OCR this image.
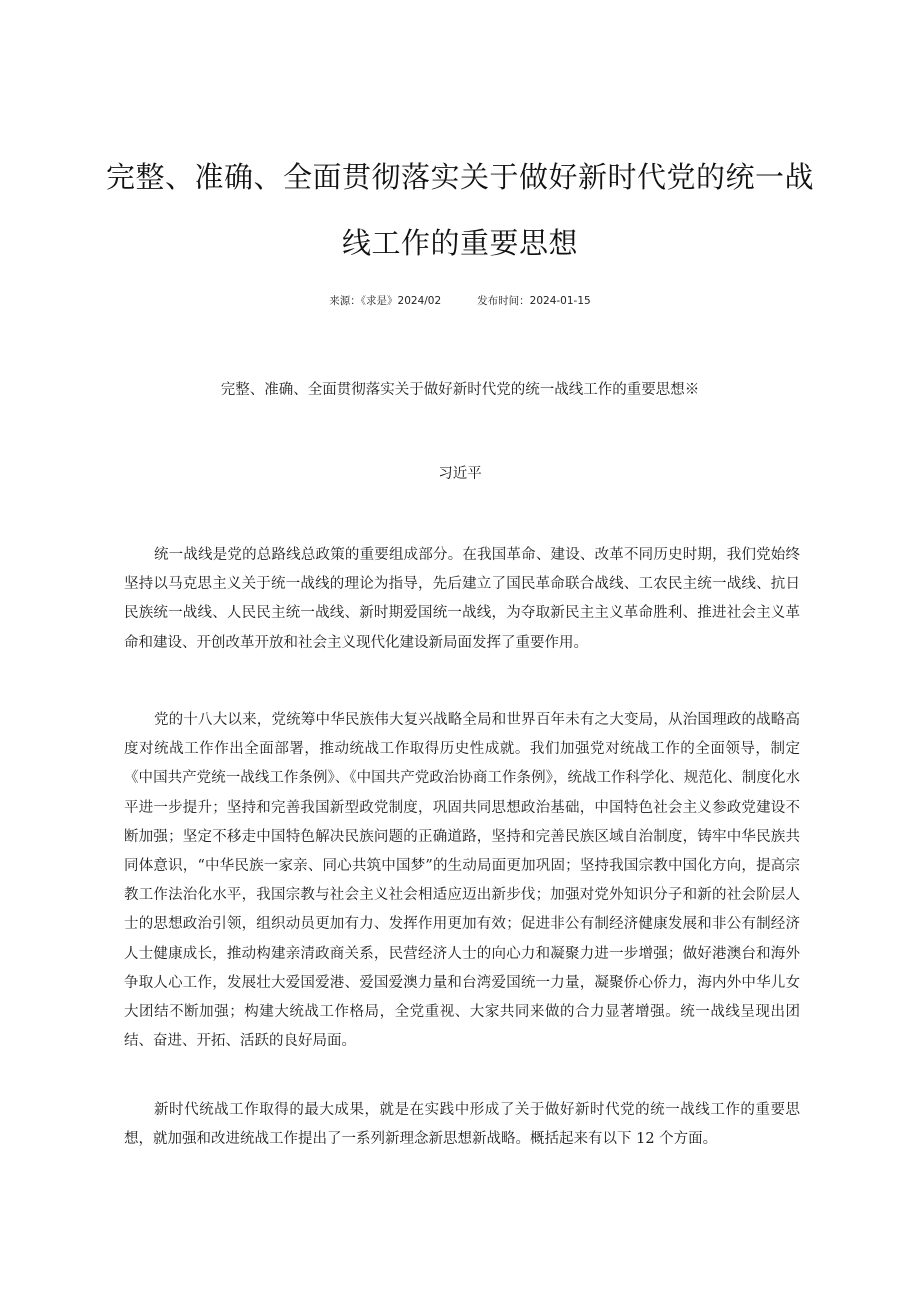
完整、准确、全面贯彻落实关于做好新时代党的统一战
线工作的重要思想
来源：《求是》2024/02	发布时间：2024-01-15
完整、准确、全面贯彻落实关于做好新时代党的统一战线工作的重要思想※
习近平

统一战线是党的总路线总政策的重要组成部分。在我国革命、建设、改革不同历史时期，我们党始终坚持以马克思主义关于统一战线的理论为指导，先后建立了国民革命联合战线、工农民主统一战线、抗日民族统一战线、人民民主统一战线、新时期爱国统一战线，为夺取新民主主义革命胜利、推进社会主义革命和建设、开创改革开放和社会主义现代化建设新局面发挥了重要作用。

党的十八大以来，党统筹中华民族伟大复兴战略全局和世界百年未有之大变局，从治国理政的战略高度对统战工作作出全面部署，推动统战工作取得历史性成就。我们加强党对统战工作的全面领导，制定《中国共产党统一战线工作条例》、《中国共产党政治协商工作条例》，统战工作科学化、规范化、制度化水平进一步提升；坚持和完善我国新型政党制度，巩固共同思想政治基础，中国特色社会主义参政党建设不断加强；坚定不移走中国特色解决民族问题的正确道路，坚持和完善民族区域自治制度，铸牢中华民族共同体意识，“中华民族一家亲、同心共筑中国梦”的生动局面更加巩固；坚持我国宗教中国化方向，提高宗教工作法治化水平，我国宗教与社会主义社会相适应迈出新步伐；加强对党外知识分子和新的社会阶层人士的思想政治引领，组织动员更加有力、发挥作用更加有效；促进非公有制经济健康发展和非公有制经济人士健康成长，推动构建亲清政商关系，民营经济人士的向心力和凝聚力进一步增强；做好港澳台和海外争取人心工作，发展壮大爱国爱港、爱国爱澳力量和台湾爱国统一力量，凝聚侨心侨力，海内外中华儿女大团结不断加强；构建大统战工作格局，全党重视、大家共同来做的合力显著增强。统一战线呈现出团结、奋进、开拓、活跃的良好局面。

新时代统战工作取得的最大成果，就是在实践中形成了关于做好新时代党的统一战线工作的重要思想，就加强和改进统战工作提出了一系列新理念新思想新战略。概括起来有以下 12 个方面。
